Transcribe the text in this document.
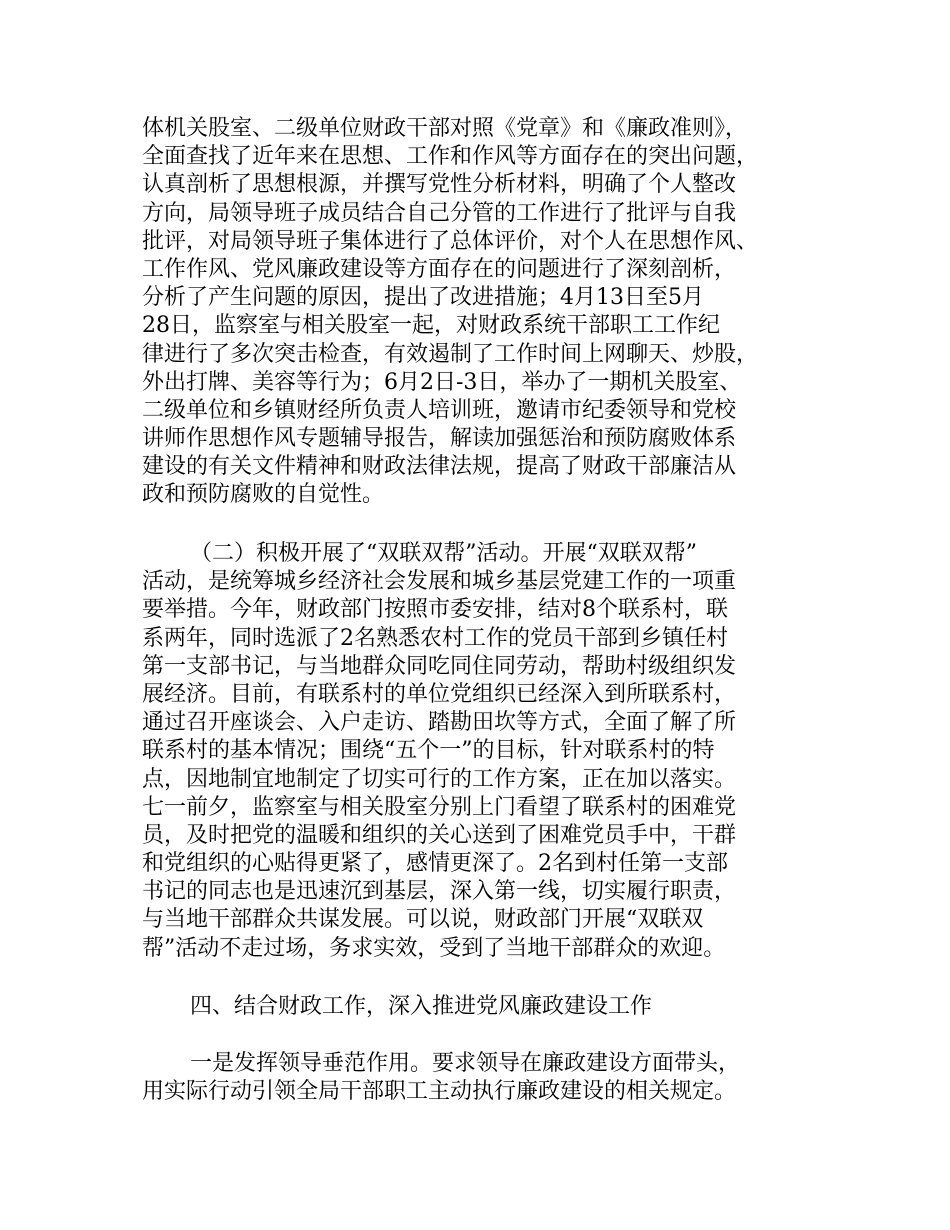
体机关股室、二级单位财政干部对照《党章》和《廉政准则》，
全面查找了近年来在思想、工作和作风等方面存在的突出问题，
认真剖析了思想根源，并撰写党性分析材料，明确了个人整改
方向，局领导班子成员结合自己分管的工作进行了批评与自我
批评，对局领导班子集体进行了总体评价，对个人在思想作风、
工作作风、党风廉政建设等方面存在的问题进行了深刻剖析，
分析了产生问题的原因，提出了改进措施；4月13日至5月
28日，监察室与相关股室一起，对财政系统干部职工工作纪
律进行了多次突击检查，有效遏制了工作时间上网聊天、炒股，
外出打牌、美容等行为；6月2日-3日，举办了一期机关股室、
二级单位和乡镇财经所负责人培训班，邀请市纪委领导和党校
讲师作思想作风专题辅导报告，解读加强惩治和预防腐败体系
建设的有关文件精神和财政法律法规，提高了财政干部廉洁从
政和预防腐败的自觉性。
（二）积极开展了“双联双帮”活动。开展“双联双帮”
活动，是统筹城乡经济社会发展和城乡基层党建工作的一项重
要举措。今年，财政部门按照市委安排，结对8个联系村，联
系两年，同时选派了2名熟悉农村工作的党员干部到乡镇任村
第一支部书记，与当地群众同吃同住同劳动，帮助村级组织发
展经济。目前，有联系村的单位党组织已经深入到所联系村，
通过召开座谈会、入户走访、踏勘田坎等方式，全面了解了所
联系村的基本情况；围绕“五个一”的目标，针对联系村的特
点，因地制宜地制定了切实可行的工作方案，正在加以落实。
七一前夕，监察室与相关股室分别上门看望了联系村的困难党
员，及时把党的温暖和组织的关心送到了困难党员手中，干群
和党组织的心贴得更紧了，感情更深了。2名到村任第一支部
书记的同志也是迅速沉到基层，深入第一线，切实履行职责，
与当地干部群众共谋发展。可以说，财政部门开展“双联双
帮”活动不走过场，务求实效，受到了当地干部群众的欢迎。
四、结合财政工作，深入推进党风廉政建设工作
一是发挥领导垂范作用。要求领导在廉政建设方面带头，
用实际行动引领全局干部职工主动执行廉政建设的相关规定。
